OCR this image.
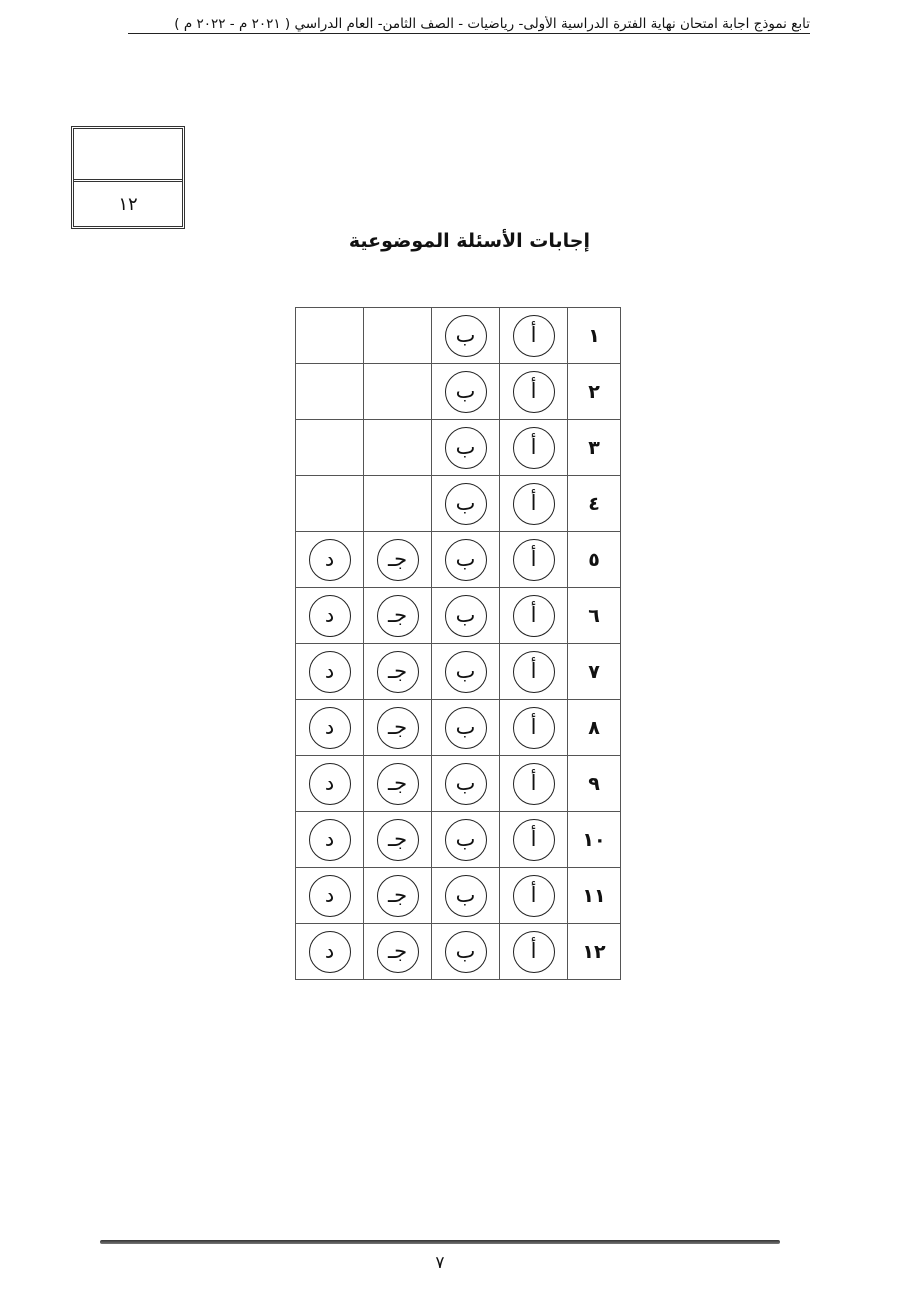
تابع نموذج اجابة امتحان نهاية الفترة الدراسية الأولى- رياضيات - الصف الثامن- العام الدراسي ( ٢٠٢١ م - ٢٠٢٢ م )
١٢
إجابات الأسئلة الموضوعية
١	أ	ب		
٢	أ	ب		
٣	أ	ب		
٤	أ	ب		
٥	أ	ب	جـ	د
٦	أ	ب	جـ	د
٧	أ	ب	جـ	د
٨	أ	ب	جـ	د
٩	أ	ب	جـ	د
١٠	أ	ب	جـ	د
١١	أ	ب	جـ	د
١٢	أ	ب	جـ	د
٧
